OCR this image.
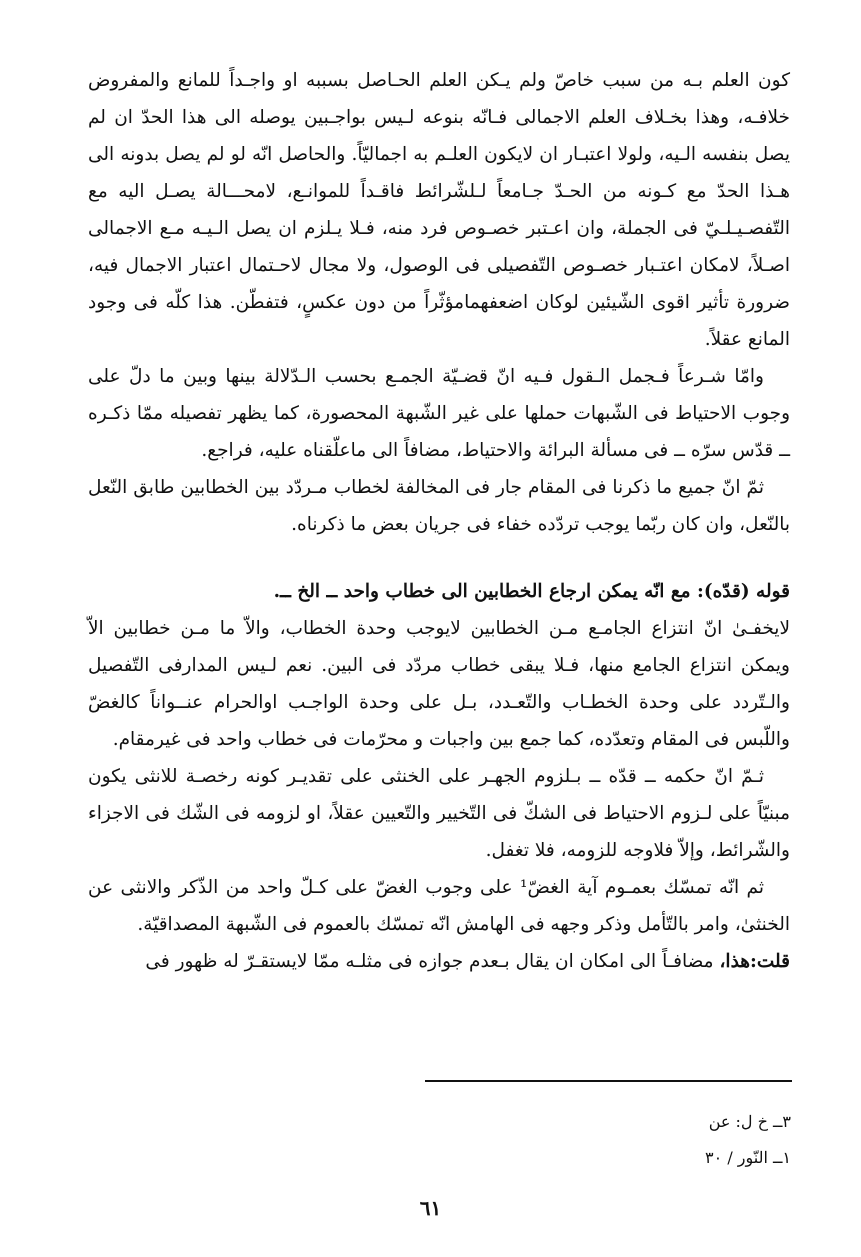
كون العلم بـه من سبب خاصّ ولم يـكن العلم الحـاصل بسببه او واجـداً للمانع والمفروض خلافـه، وهذا بخـلاف العلم الاجمالى فـانّه بنوعه لـيس بواجـبين يوصله الى هذا الحدّ ان لم يصل بنفسه الـيه، ولولا اعتبـار ان لايكون العلـم به اجماليّاً. والحاصل انّه لو لم يصل بدونه الى هـذا الحدّ مع كـونه من الحـدّ جـامعاً لـلشّرائط فاقـداً للموانـع، لامحـــالة يصـل اليه مع التّفصـيـلـيّ فى الجملة، وان اعـتبر خصـوص فرد منه، فـلا يـلزم ان يصل الـيـه مـع الاجمالى اصـلاً، لامكان اعتـبار خصـوص التّفصيلى فى الوصول، ولا مجال لاحـتمال اعتبار الاجمال فيه، ضرورة تأثير اقوى الشّيئين لوكان اضعفهمامؤثّراً من دون عكسٍ، فتفطّن. هذا كلّه فى وجود المانع عقلاً.

وامّا شـرعاً فـجمل الـقول فـيه انّ قضـيّة الجمـع بحسب الـدّلالة بينها وبين ما دلّ على وجوب الاحتياط فى الشّبهات حملها على غير الشّبهة المحصورة، كما يظهر تفصيله ممّا ذكـره ــ قدّس سرّه ــ فى مسألة البرائة والاحتياط، مضافاً الى ماعلّقناه عليه، فراجع.

ثمّ انّ جميع ما ذكرنا فى المقام جار فى المخالفة لخطاب مـردّد بين الخطابين طابق النّعل بالنّعل، وان كان ربّما يوجب تردّده خفاء فى جريان بعض ما ذكرناه.

قوله (قدّه): مع انّه يمكن ارجاع الخطابين الى خطاب واحد ــ الخ ــ.

لايخفـىٰ انّ انتزاع الجامـع مـن الخطابين لايوجب وحدة الخطاب، والاّ ما مـن خطابين الاّ ويمكن انتزاع الجامع منها، فـلا يبقى خطاب مردّد فى البين. نعم لـيس المدارفى التّفصيل والـتّردد على وحدة الخطـاب والتّعـدد، بـل على وحدة الواجـب اوالحرام عنــواناً كالغضّ واللّبس فى المقام وتعدّده، كما جمع بين واجبات و محرّمات فى خطاب واحد فى غيرمقام.

ثـمّ انّ حكمه ــ قدّه ــ بـلزوم الجهـر على الخنثى على تقديـر كونه رخصـة للانثى يكون مبنيّاً على لـزوم الاحتياط فى الشكّ فى التّخيير والتّعيين عقلاً، او لزومه فى الشّك فى الاجزاء والشّرائط، وإلاّ فلاوجه للزومه، فلا تغفل.

ثم انّه تمسّك بعمـوم آية الغضّ¹ على وجوب الغضّ على كـلّ واحد من الذّكر والانثى عن الخنثىٰ، وامر بالتّأمل وذكر وجهه فى الهامش انّه تمسّك بالعموم فى الشّبهة المصداقيّة.

قلت:هذا، مضافـاً الى امكان ان يقال بـعدم جوازه فى مثلـه ممّا لايستقـرّ له ظهور فى

٣ــ خ ل: عن
١ــ النّور / ٣٠
٦١
